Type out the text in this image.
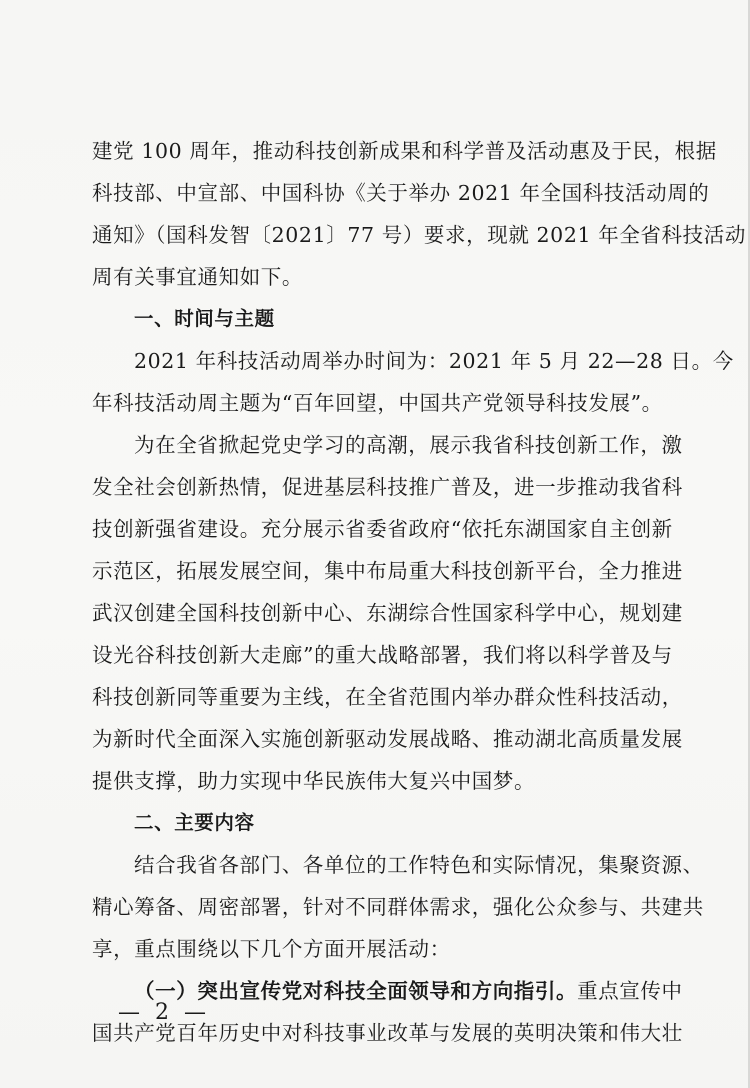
建党 100 周年，推动科技创新成果和科学普及活动惠及于民，根据
科技部、中宣部、中国科协《关于举办 2021 年全国科技活动周的
通知》（国科发智〔2021〕77 号）要求，现就 2021 年全省科技活动
周有关事宜通知如下。
一、时间与主题
2021 年科技活动周举办时间为：2021 年 5 月 22—28 日。今
年科技活动周主题为“百年回望，中国共产党领导科技发展”。
为在全省掀起党史学习的高潮，展示我省科技创新工作，激
发全社会创新热情，促进基层科技推广普及，进一步推动我省科
技创新强省建设。充分展示省委省政府“依托东湖国家自主创新
示范区，拓展发展空间，集中布局重大科技创新平台，全力推进
武汉创建全国科技创新中心、东湖综合性国家科学中心，规划建
设光谷科技创新大走廊”的重大战略部署，我们将以科学普及与
科技创新同等重要为主线，在全省范围内举办群众性科技活动，
为新时代全面深入实施创新驱动发展战略、推动湖北高质量发展
提供支撑，助力实现中华民族伟大复兴中国梦。
二、主要内容
结合我省各部门、各单位的工作特色和实际情况，集聚资源、
精心筹备、周密部署，针对不同群体需求，强化公众参与、共建共
享，重点围绕以下几个方面开展活动：
（一）突出宣传党对科技全面领导和方向指引。重点宣传中
国共产党百年历史中对科技事业改革与发展的英明决策和伟大壮
— 2 —
